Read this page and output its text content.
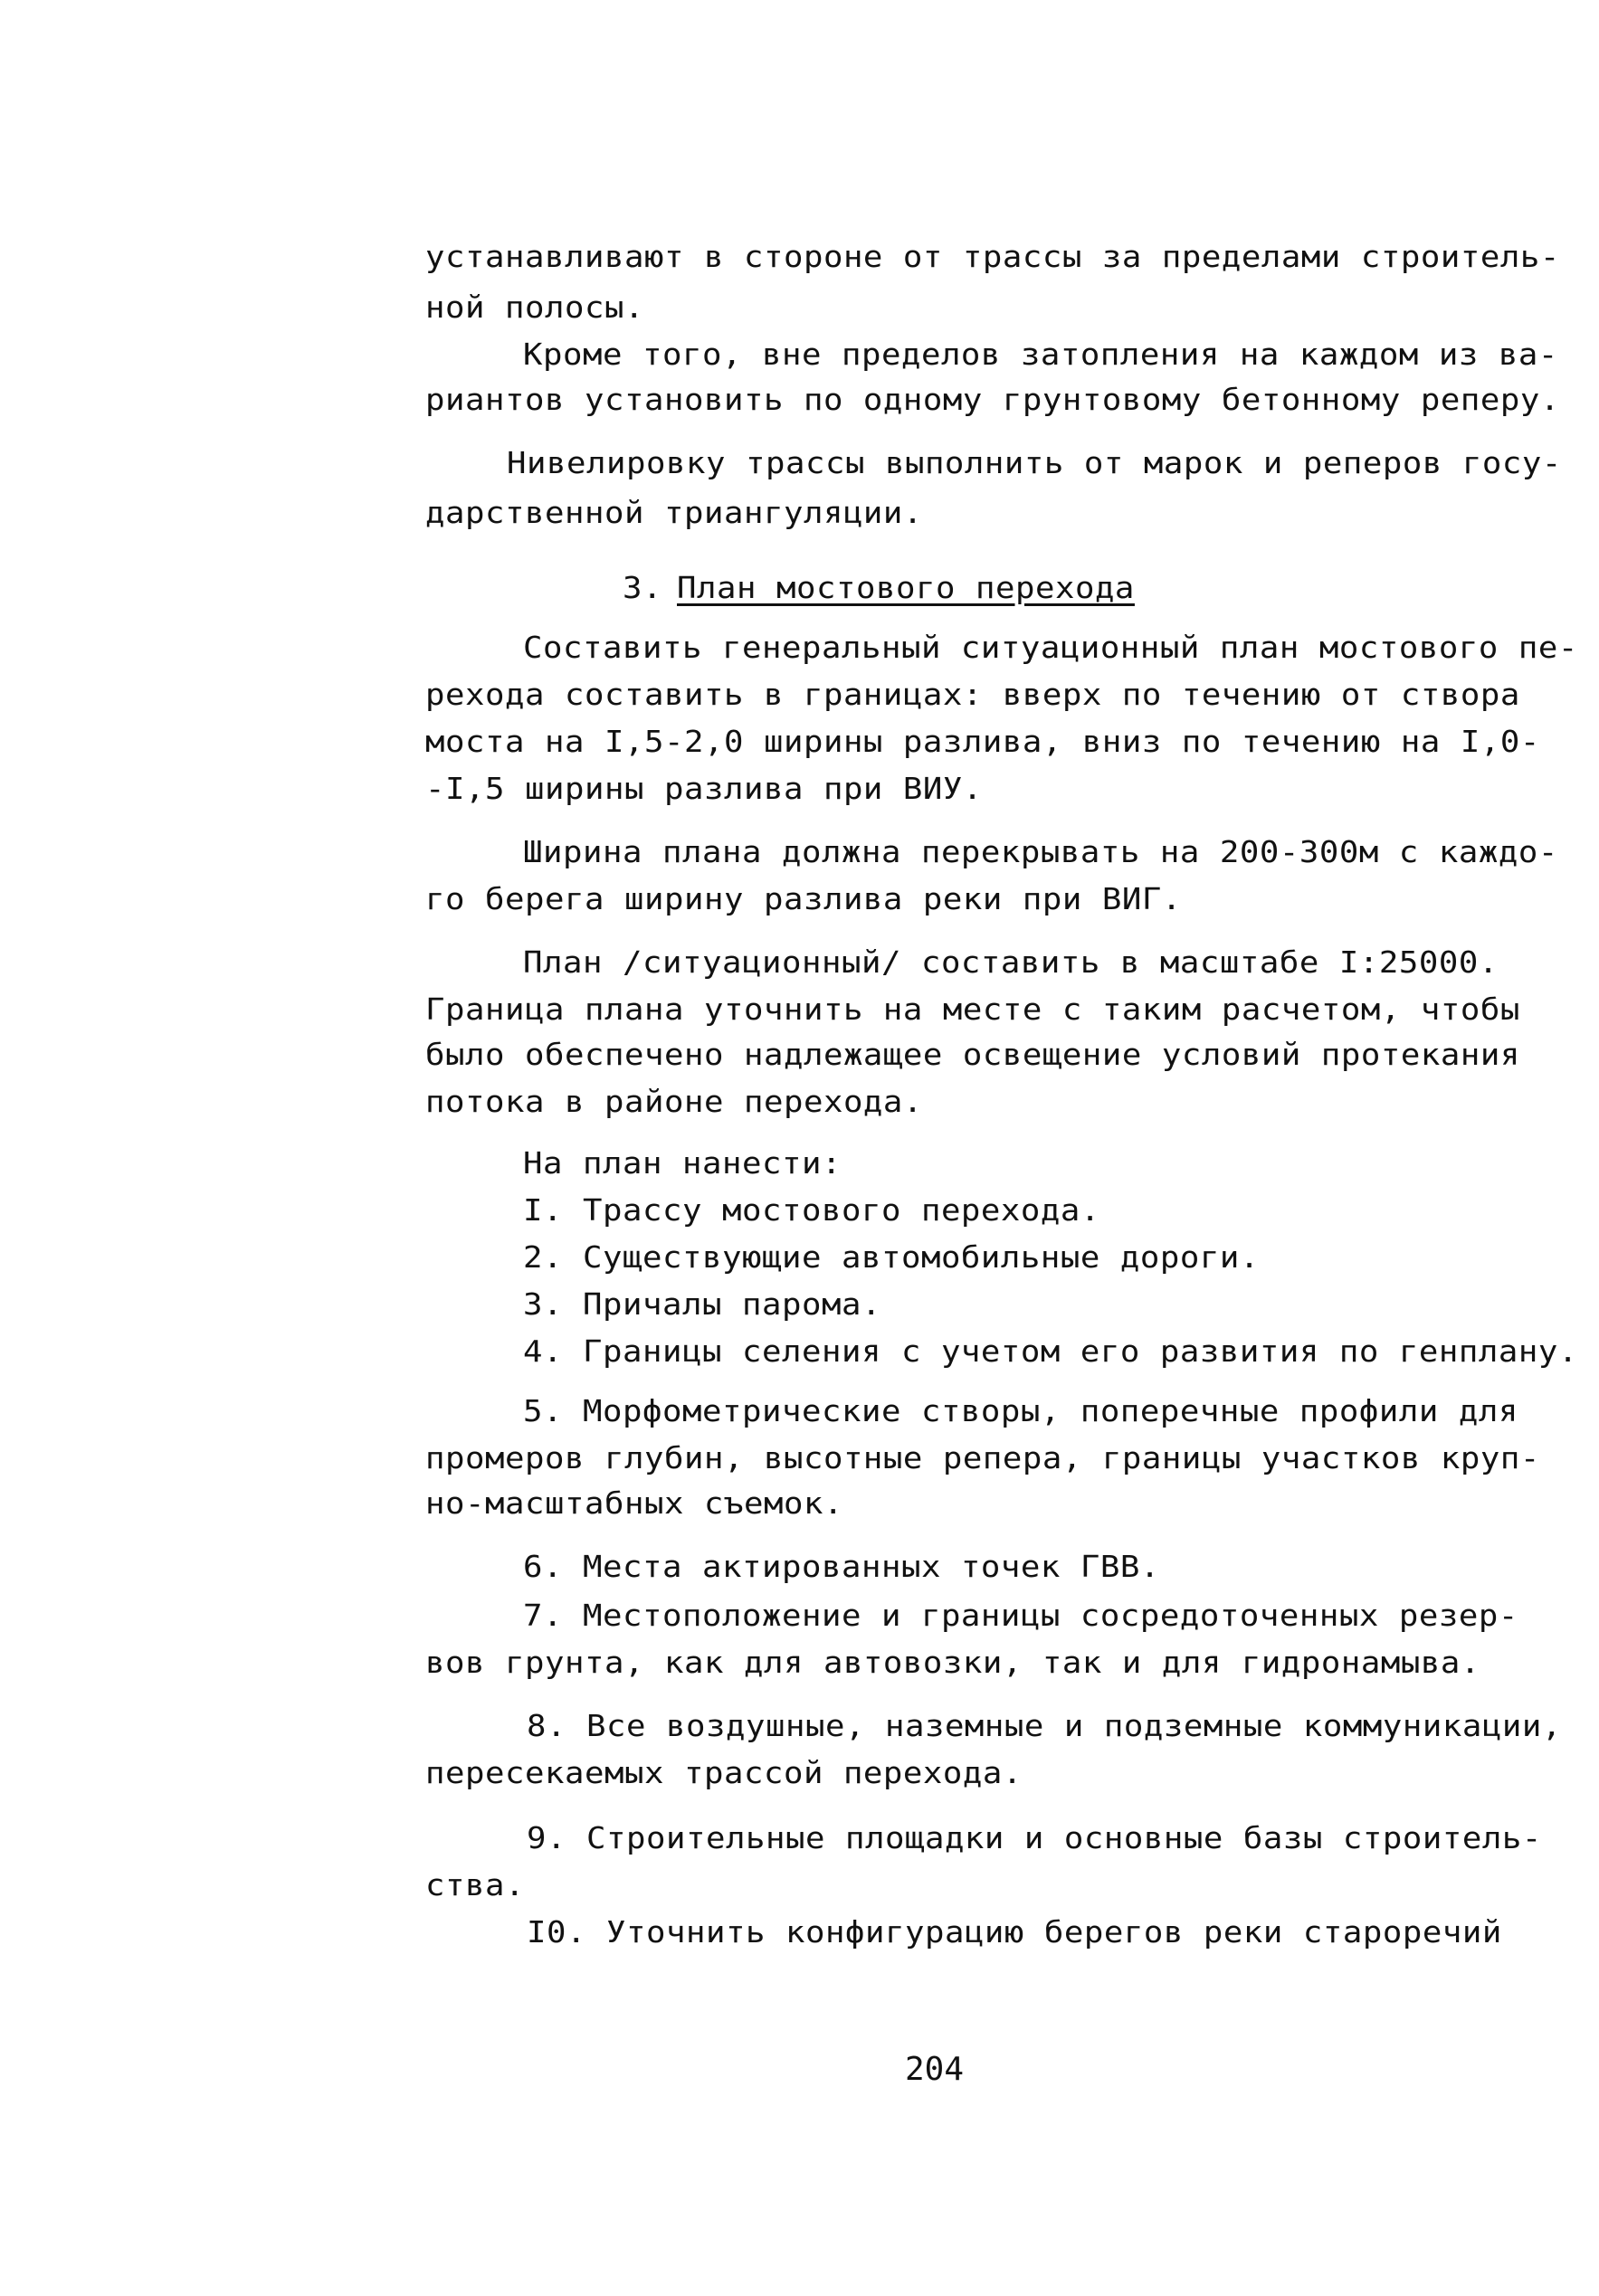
устанавливают в стороне от трассы за пределами строитель-
ной полосы.
Кроме того, вне пределов затопления на каждом из ва-
риантов установить по одному грунтовому бетонному реперу.
Нивелировку трассы выполнить от марок и реперов госу-
дарственной триангуляции.
3. План мостового перехода
Составить генеральный ситуационный план мостового пе-
рехода составить в границах: вверх по течению от створа
моста на I,5-2,0 ширины разлива, вниз по течению на I,0-
-I,5 ширины разлива при ВИУ.
Ширина плана должна перекрывать на 200-300м с каждо-
го берега ширину разлива реки при ВИГ.
План /ситуационный/ составить в масштабе I:25000.
Граница плана уточнить на месте с таким расчетом, чтобы
было обеспечено надлежащее освещение условий протекания
потока в районе перехода.
На план нанести:
I. Трассу мостового перехода.
2. Существующие автомобильные дороги.
3. Причалы парома.
4. Границы селения с учетом его развития по генплану.
5. Морфометрические створы, поперечные профили для
промеров глубин, высотные репера, границы участков круп-
но-масштабных съемок.
6. Места актированных точек ГВВ.
7. Местоположение и границы сосредоточенных резер-
вов грунта, как для автовозки, так и для гидронамыва.
8. Все воздушные, наземные и подземные коммуникации,
пересекаемых трассой перехода.
9. Строительные площадки и основные базы строитель-
ства.
I0. Уточнить конфигурацию берегов реки староречий
204
